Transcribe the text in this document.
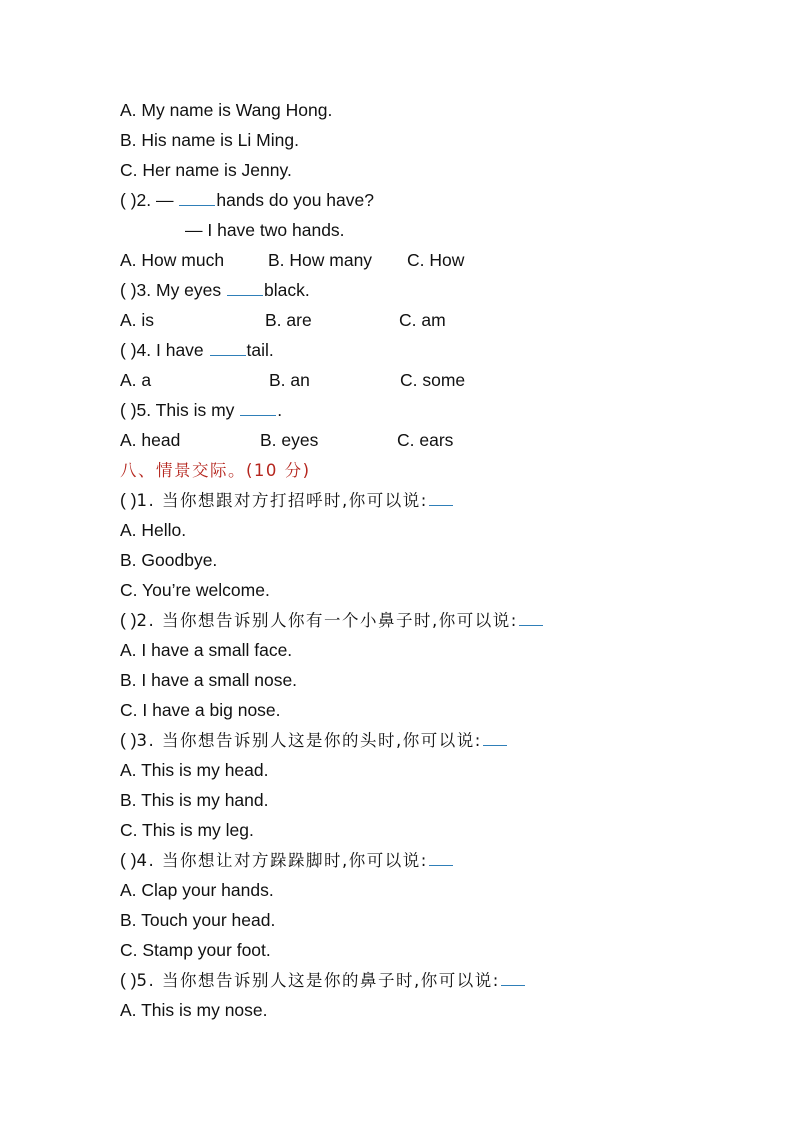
A. My name is Wang Hong.
B. His name is Li Ming.
C. Her name is Jenny.
( )2. — hands do you have?
— I have two hands.
A. How much	B. How many C. How
( )3. My eyes black.
A. is	B. are	C. am
( )4. I have tail.
A. a	B. an	C. some
( )5. This is my .
A. head	B. eyes	C. ears
八、情景交际。(10 分)
( )1. 当你想跟对方打招呼时,你可以说:
A. Hello.
B. Goodbye.
C. You’re welcome.
( )2. 当你想告诉别人你有一个小鼻子时,你可以说:
A. I have a small face.
B. I have a small nose.
C. I have a big nose.
( )3. 当你想告诉别人这是你的头时,你可以说:
A. This is my head.
B. This is my hand.
C. This is my leg.
( )4. 当你想让对方跺跺脚时,你可以说:
A. Clap your hands.
B. Touch your head.
C. Stamp your foot.
( )5. 当你想告诉别人这是你的鼻子时,你可以说:
A. This is my nose.
